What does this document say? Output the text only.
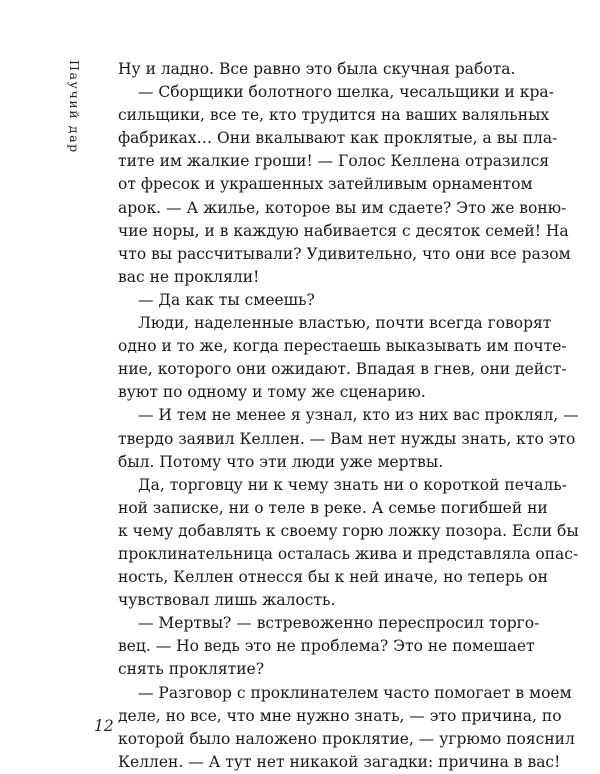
Паучий дар Ну и ладно. Все равно это была скучная работа.
— Сборщики болотного шелка, чесальщики и кра-
сильщики, все те, кто трудится на ваших валяльных
фабриках… Они вкалывают как проклятые, а вы пла-
тите им жалкие гроши! — Голос Келлена отразился
от фресок и украшенных затейливым орнаментом
арок. — А жилье, которое вы им сдаете? Это же воню-
чие норы, и в каждую набивается с десяток семей! На
что вы рассчитывали? Удивительно, что они все разом
вас не прокляли!
— Да как ты смеешь?
Люди, наделенные властью, почти всегда говорят
одно и то же, когда перестаешь выказывать им почте-
ние, которого они ожидают. Впадая в гнев, они дейст-
вуют по одному и тому же сценарию.
— И тем не менее я узнал, кто из них вас проклял, —
твердо заявил Келлен. — Вам нет нужды знать, кто это
был. Потому что эти люди уже мертвы.
Да, торговцу ни к чему знать ни о короткой печаль-
ной записке, ни о теле в реке. А семье погибшей ни
к чему добавлять к своему горю ложку позора. Если бы
проклинательница осталась жива и представляла опас-
ность, Келлен отнесся бы к ней иначе, но теперь он
чувствовал лишь жалость.
— Мертвы? — встревоженно переспросил торго-
вец. — Но ведь это не проблема? Это не помешает
снять проклятие?
— Разговор с проклинателем часто помогает в моем
деле, но все, что мне нужно знать, — это причина, по
которой было наложено проклятие, — угрюмо пояснил
Келлен. — А тут нет никакой загадки: причина в вас!
12
